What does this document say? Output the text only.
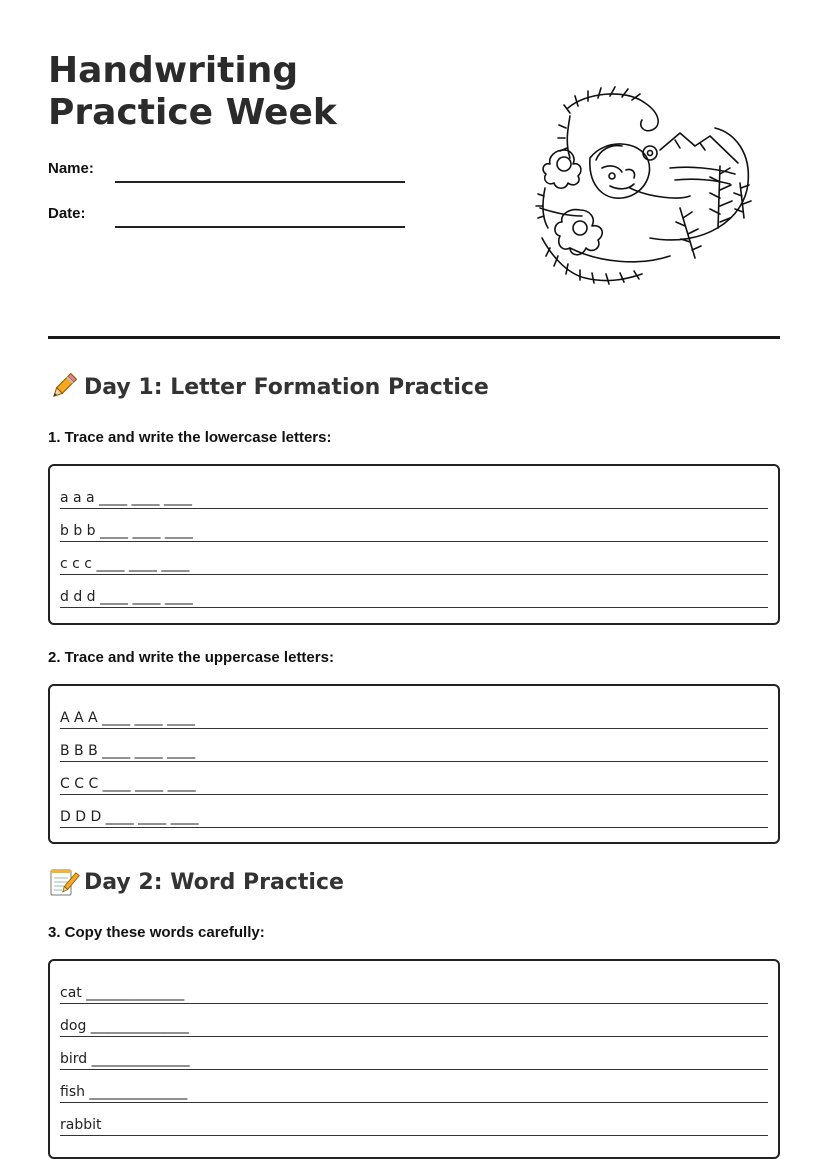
Handwriting Practice Week
Name:
Date:
Day 1: Letter Formation Practice
1. Trace and write the lowercase letters:
a a a ____ ____ ____
b b b ____ ____ ____
c c c ____ ____ ____
d d d ____ ____ ____
2. Trace and write the uppercase letters:
A A A ____ ____ ____
B B B ____ ____ ____
C C C ____ ____ ____
D D D ____ ____ ____
Day 2: Word Practice
3. Copy these words carefully:
cat ______________
dog ______________
bird ______________
fish ______________
rabbit
